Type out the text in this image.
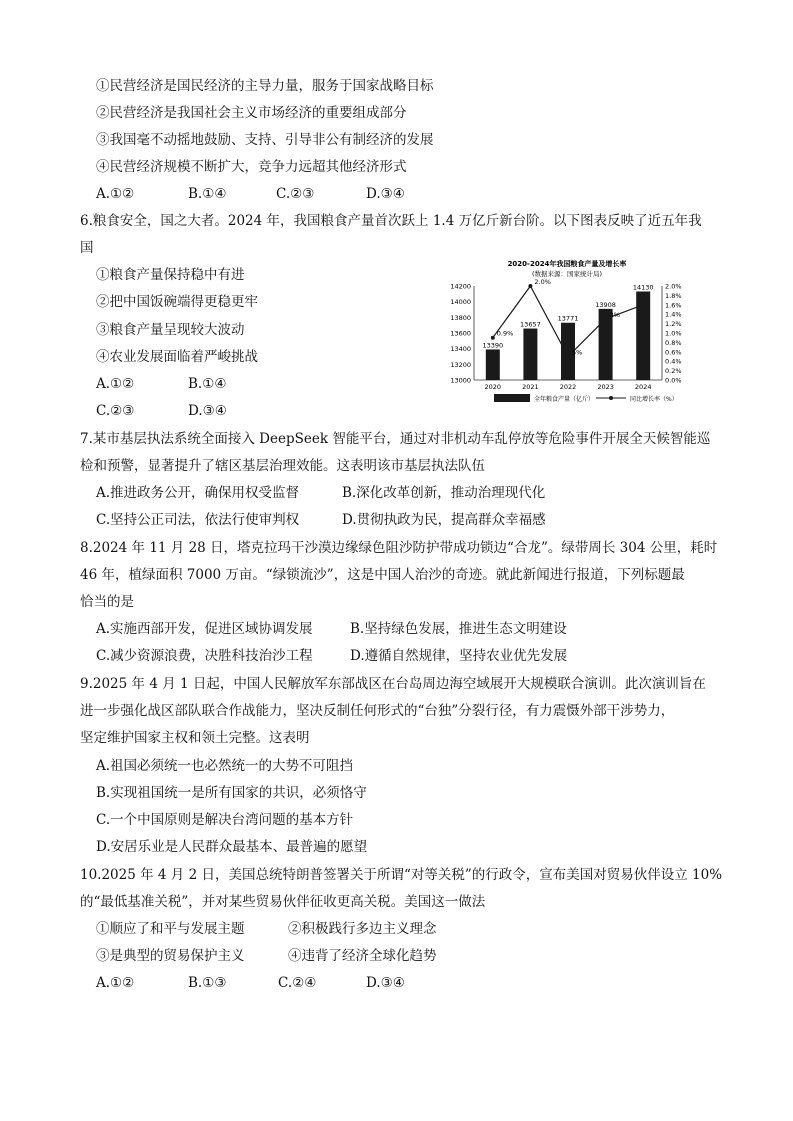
①民营经济是国民经济的主导力量，服务于国家战略目标
②民营经济是我国社会主义市场经济的重要组成部分
③我国毫不动摇地鼓励、支持、引导非公有制经济的发展
④民营经济规模不断扩大，竞争力远超其他经济形式
A.①②	B.①④	C.②③	D.③④
6.粮食安全，国之大者。2024 年，我国粮食产量首次跃上 1.4 万亿斤新台阶。以下图表反映了近五年我
国
①粮食产量保持稳中有进
②把中国饭碗端得更稳更牢
③粮食产量呈现较大波动
④农业发展面临着严峻挑战
A.①②	B.①④
C.②③	D.③④
2020-2024年我国粮食产量及增长率
(数据来源：国家统计局)
13000
13200
13400
13600
13800
14000
14200
0.0%
0.2%
0.4%
0.6%
0.8%
1.0%
1.2%
1.4%
1.6%
1.8%
2.0%
13390
2020
13657
2021
13771
2022
13908
2023
14130
2024
0.9%
2.0%
5%
3%
全年粮食产量（亿斤）	同比增长率（%）
7.某市基层执法系统全面接入 DeepSeek 智能平台，通过对非机动车乱停放等危险事件开展全天候智能巡
检和预警，显著提升了辖区基层治理效能。这表明该市基层执法队伍
A.推进政务公开，确保用权受监督	B.深化改革创新，推动治理现代化
C.坚持公正司法，依法行使审判权	D.贯彻执政为民，提高群众幸福感
8.2024 年 11 月 28 日，塔克拉玛干沙漠边缘绿色阻沙防护带成功锁边“合龙”。绿带周长 304 公里，耗时
46 年，植绿面积 7000 万亩。“绿锁流沙”，这是中国人治沙的奇迹。就此新闻进行报道，下列标题最
恰当的是
A.实施西部开发，促进区域协调发展	B.坚持绿色发展，推进生态文明建设
C.减少资源浪费，决胜科技治沙工程	D.遵循自然规律，坚持农业优先发展
9.2025 年 4 月 1 日起，中国人民解放军东部战区在台岛周边海空域展开大规模联合演训。此次演训旨在
进一步强化战区部队联合作战能力，坚决反制任何形式的“台独”分裂行径，有力震慑外部干涉势力，
坚定维护国家主权和领土完整。这表明
A.祖国必须统一也必然统一的大势不可阻挡
B.实现祖国统一是所有国家的共识，必须恪守
C.一个中国原则是解决台湾问题的基本方针
D.安居乐业是人民群众最基本、最普遍的愿望
10.2025 年 4 月 2 日，美国总统特朗普签署关于所谓“对等关税”的行政令，宣布美国对贸易伙伴设立 10%
的“最低基准关税”，并对某些贸易伙伴征收更高关税。美国这一做法
①顺应了和平与发展主题	②积极践行多边主义理念
③是典型的贸易保护主义	④违背了经济全球化趋势
A.①②	B.①③	C.②④	D.③④
